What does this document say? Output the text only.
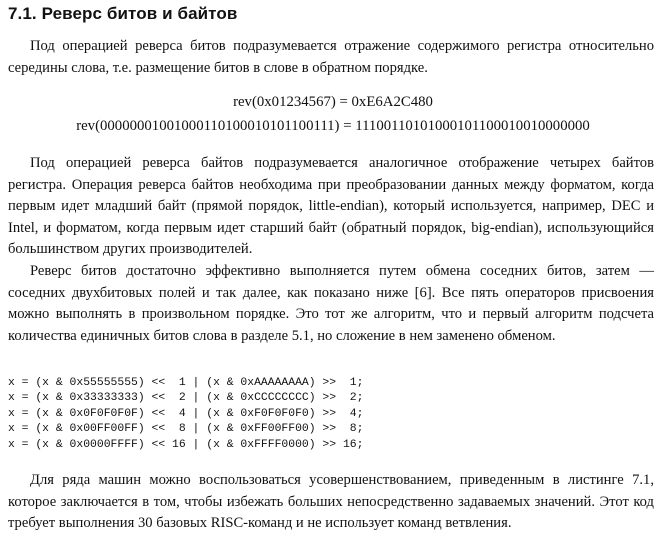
7.1. Реверс битов и байтов

Под операцией реверса битов подразумевается отражение содержимого регистра относительно середины слова, т.е. размещение битов в слове в обратном порядке.

rev(0x01234567) = 0xE6A2C480
rev(00000001001000110100010101100111) = 11100110101000101100010010000000

Под операцией реверса байтов подразумевается аналогичное отображение четырех байтов регистра. Операция реверса байтов необходима при преобразовании данных между форматом, когда первым идет младший байт (прямой порядок, little-endian), который используется, например, DEC и Intel, и форматом, когда первым идет старший байт (обратный порядок, big-endian), использующийся большинством других производителей.

Реверс битов достаточно эффективно выполняется путем обмена соседних битов, затем — соседних двухбитовых полей и так далее, как показано ниже [6]. Все пять операторов присвоения можно выполнять в произвольном порядке. Это тот же алгоритм, что и первый алгоритм подсчета количества единичных битов слова в разделе 5.1, но сложение в нем заменено обменом.

x = (x & 0x55555555) <<  1 | (x & 0xAAAAAAAA) >>  1;
x = (x & 0x33333333) <<  2 | (x & 0xCCCCCCCC) >>  2;
x = (x & 0x0F0F0F0F) <<  4 | (x & 0xF0F0F0F0) >>  4;
x = (x & 0x00FF00FF) <<  8 | (x & 0xFF00FF00) >>  8;
x = (x & 0x0000FFFF) << 16 | (x & 0xFFFF0000) >> 16;

Для ряда машин можно воспользоваться усовершенствованием, приведенным в листинге 7.1, которое заключается в том, чтобы избежать больших непосредственно задаваемых значений. Этот код требует выполнения 30 базовых RISC-команд и не использует команд ветвления.
